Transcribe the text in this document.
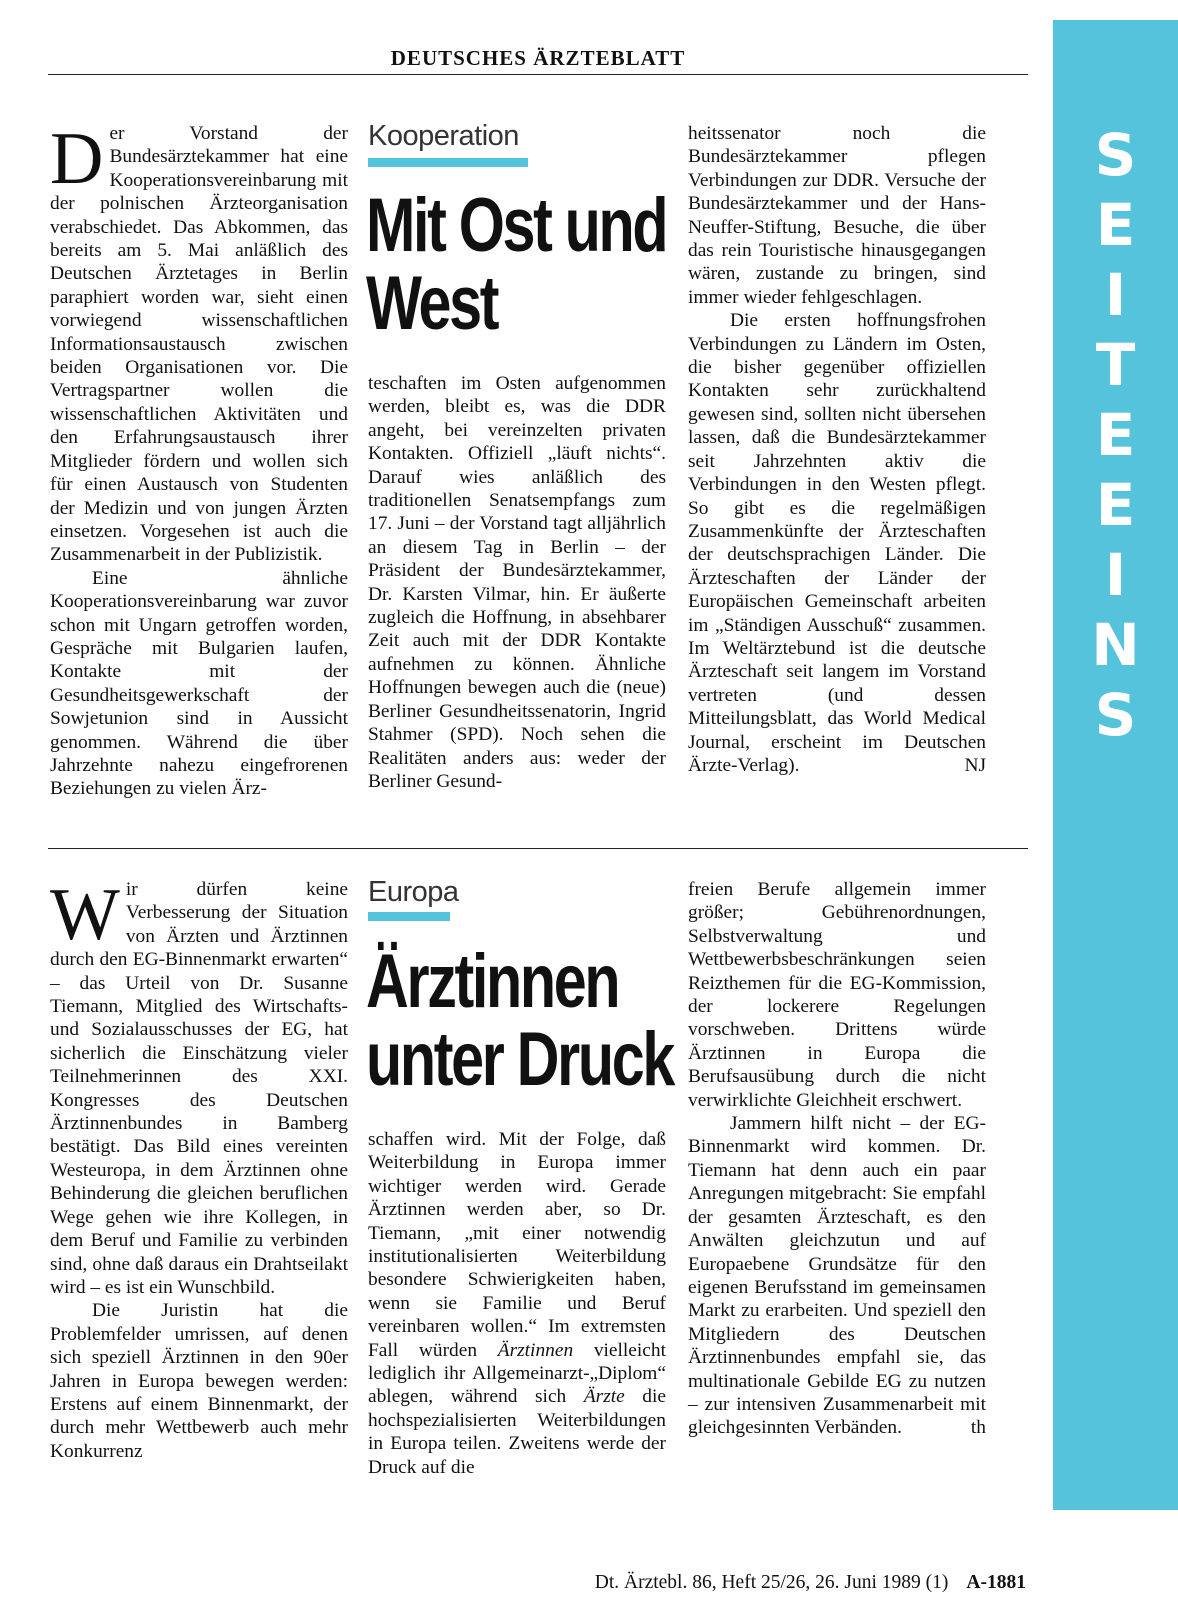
DEUTSCHES ÄRZTEBLATT
S
E
I
T
E
E
I
N
S
D er Vorstand der Bundesärztekammer hat eine Kooperationsvereinbarung mit der polnischen Ärzteorganisation verabschiedet. Das Abkommen, das bereits am 5. Mai anläßlich des Deutschen Ärztetages in Berlin paraphiert worden war, sieht einen vorwiegend wissenschaftlichen Informationsaustausch zwischen beiden Organisationen vor. Die Vertragspartner wollen die wissenschaftlichen Aktivitäten und den Erfahrungsaustausch ihrer Mitglieder fördern und wollen sich für einen Austausch von Studenten der Medizin und von jungen Ärzten einsetzen. Vorgesehen ist auch die Zusammenarbeit in der Publizistik.

Eine ähnliche Kooperationsvereinbarung war zuvor schon mit Ungarn getroffen worden, Gespräche mit Bulgarien laufen, Kontakte mit der Gesundheitsgewerkschaft der Sowjetunion sind in Aussicht genommen. Während die über Jahrzehnte nahezu eingefrorenen Beziehungen zu vielen Ärz-

Kooperation
Mit Ost und
West

teschaften im Osten aufgenommen werden, bleibt es, was die DDR angeht, bei vereinzelten privaten Kontakten. Offiziell „läuft nichts“. Darauf wies anläßlich des traditionellen Senatsempfangs zum 17. Juni – der Vorstand tagt alljährlich an diesem Tag in Berlin – der Präsident der Bundesärztekammer, Dr. Karsten Vilmar, hin. Er äußerte zugleich die Hoffnung, in absehbarer Zeit auch mit der DDR Kontakte aufnehmen zu können. Ähnliche Hoffnungen bewegen auch die (neue) Berliner Gesundheitssenatorin, Ingrid Stahmer (SPD). Noch sehen die Realitäten anders aus: weder der Berliner Gesund-

heitssenator noch die Bundesärztekammer pflegen Verbindungen zur DDR. Versuche der Bundesärztekammer und der Hans-Neuffer-Stiftung, Besuche, die über das rein Touristische hinausgegangen wären, zustande zu bringen, sind immer wieder fehlgeschlagen.

Die ersten hoffnungsfrohen Verbindungen zu Ländern im Osten, die bisher gegenüber offiziellen Kontakten sehr zurückhaltend gewesen sind, sollten nicht übersehen lassen, daß die Bundesärztekammer seit Jahrzehnten aktiv die Verbindungen in den Westen pflegt. So gibt es die regelmäßigen Zusammenkünfte der Ärzteschaften der deutschsprachigen Länder. Die Ärzteschaften der Länder der Europäischen Gemeinschaft arbeiten im „Ständigen Ausschuß“ zusammen. Im Weltärztebund ist die deutsche Ärzteschaft seit langem im Vorstand vertreten (und dessen Mitteilungsblatt, das World Medical Journal, erscheint im Deutschen Ärzte-Verlag).	NJ

W ir dürfen keine Verbesserung der Situation von Ärzten und Ärztinnen durch den EG-Binnenmarkt erwarten“ – das Urteil von Dr. Susanne Tiemann, Mitglied des Wirtschafts- und Sozialausschusses der EG, hat sicherlich die Einschätzung vieler Teilnehmerinnen des XXI. Kongresses des Deutschen Ärztinnenbundes in Bamberg bestätigt. Das Bild eines vereinten Westeuropa, in dem Ärztinnen ohne Behinderung die gleichen beruflichen Wege gehen wie ihre Kollegen, in dem Beruf und Familie zu verbinden sind, ohne daß daraus ein Drahtseilakt wird – es ist ein Wunschbild.

Die Juristin hat die Problemfelder umrissen, auf denen sich speziell Ärztinnen in den 90er Jahren in Europa bewegen werden: Erstens auf einem Binnenmarkt, der durch mehr Wettbewerb auch mehr Konkurrenz

Europa
Ärztinnen
unter Druck

schaffen wird. Mit der Folge, daß Weiterbildung in Europa immer wichtiger werden wird. Gerade Ärztinnen werden aber, so Dr. Tiemann, „mit einer notwendig institutionalisierten Weiterbildung besondere Schwierigkeiten haben, wenn sie Familie und Beruf vereinbaren wollen.“ Im extremsten Fall würden Ärztinnen vielleicht lediglich ihr Allgemeinarzt-„Diplom“ ablegen, während sich Ärzte die hochspezialisierten Weiterbildungen in Europa teilen. Zweitens werde der Druck auf die

freien Berufe allgemein immer größer; Gebührenordnungen, Selbstverwaltung und Wettbewerbsbeschränkungen seien Reizthemen für die EG-Kommission, der lockerere Regelungen vorschweben. Drittens würde Ärztinnen in Europa die Berufsausübung durch die nicht verwirklichte Gleichheit erschwert.

Jammern hilft nicht – der EG-Binnenmarkt wird kommen. Dr. Tiemann hat denn auch ein paar Anregungen mitgebracht: Sie empfahl der gesamten Ärzteschaft, es den Anwälten gleichzutun und auf Europaebene Grundsätze für den eigenen Berufsstand im gemeinsamen Markt zu erarbeiten. Und speziell den Mitgliedern des Deutschen Ärztinnenbundes empfahl sie, das multinationale Gebilde EG zu nutzen – zur intensiven Zusammenarbeit mit gleichgesinnten Verbänden.	th

Dt. Ärztebl. 86, Heft 25/26, 26. Juni 1989 (1) A-1881
